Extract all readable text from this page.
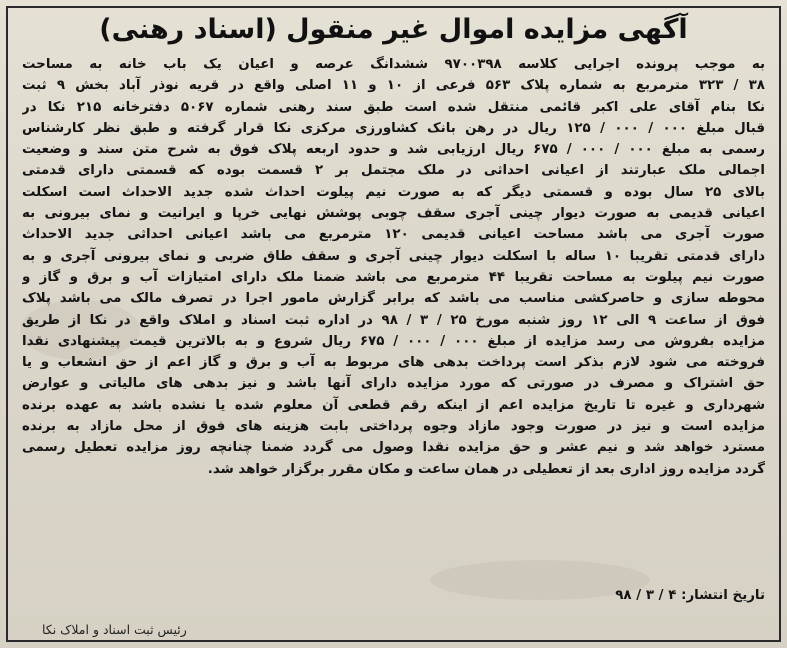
آگهی مزایده اموال غیر منقول (اسناد رهنی)
به موجب پرونده اجرایی کلاسه ۹۷۰۰۳۹۸ ششدانگ عرصه و اعیان یک باب خانه به مساحت
۳۸ / ۳۲۳ مترمربع به شماره پلاک ۵۶۳ فرعی از ۱۰ و ۱۱ اصلی واقع در قریه نوذر آباد بخش ۹ ثبت
نکا بنام آقای علی اکبر قائمی منتقل شده است طبق سند رهنی شماره ۵۰۶۷ دفترخانه ۲۱۵ نکا در
قبال مبلغ ۰۰۰ / ۰۰۰ / ۱۲۵ ریال در رهن بانک کشاورزی مرکزی نکا قرار گرفته و طبق نظر کارشناس
رسمی به مبلغ ۰۰۰ / ۰۰۰ / ۶۷۵ ریال ارزیابی شد و حدود اربعه پلاک فوق به شرح متن سند و وضعیت
اجمالی ملک عبارتند از اعیانی احداثی در ملک مجتمل بر ۲ قسمت بوده که قسمتی دارای قدمتی
بالای ۲۵ سال بوده و قسمتی دیگر که به صورت نیم پیلوت احداث شده جدید الاحداث است اسکلت
اعیانی قدیمی به صورت دیوار چینی آجری سقف چوبی پوشش نهایی خرپا و ایرانیت و نمای بیرونی به
صورت آجری می باشد مساحت اعیانی قدیمی ۱۲۰ مترمربع می باشد اعیانی احداثی جدید الاحداث
دارای قدمتی تقریبا ۱۰ ساله با اسکلت دیوار چینی آجری و سقف طاق ضربی و نمای بیرونی آجری و به
صورت نیم پیلوت به مساحت تقریبا ۴۴ مترمربع می باشد ضمنا ملک دارای امتیازات آب و برق و گاز و
محوطه سازی و حاصرکشی مناسب می باشد که برابر گزارش مامور اجرا در تصرف مالک می باشد پلاک
فوق از ساعت ۹ الی ۱۲ روز شنبه مورخ ۲۵ / ۳ / ۹۸ در اداره ثبت اسناد و املاک واقع در نکا از طریق
مزایده بفروش می رسد مزایده از مبلغ ۰۰۰ / ۰۰۰ / ۶۷۵ ریال شروع و به بالاترین قیمت پیشنهادی نقدا
فروخته می شود لازم بذکر است پرداخت بدهی های مربوط به آب و برق و گاز اعم از حق انشعاب و یا
حق اشتراک و مصرف در صورتی که مورد مزایده دارای آنها باشد و نیز بدهی های مالیاتی و عوارض
شهرداری و غیره تا تاریخ مزایده اعم از اینکه رقم قطعی آن معلوم شده یا نشده باشد به عهده برنده
مزایده است و نیز در صورت وجود مازاد وجوه پرداختی بابت هزینه های فوق از محل مازاد به برنده
مسترد خواهد شد و نیم عشر و حق مزایده نقدا وصول می گردد ضمنا چنانچه روز مزایده تعطیل رسمی
گردد مزایده روز اداری بعد از تعطیلی در همان ساعت و مکان مقرر برگزار خواهد شد.
تاریخ انتشار: ۴ / ۳ / ۹۸
رئیس ثبت اسناد و املاک نکا
